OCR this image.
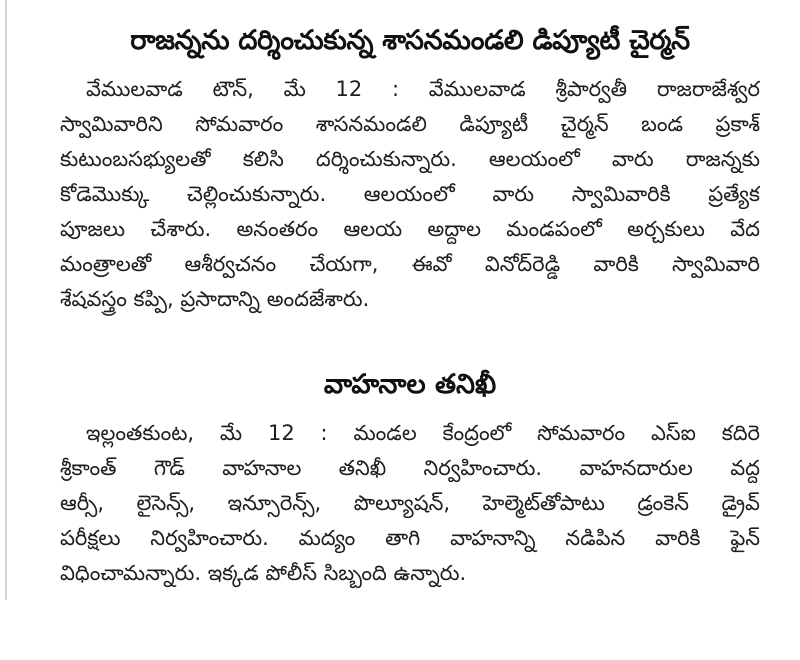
రాజన్నను దర్శించుకున్న శాసనమండలి డిప్యూటీ చైర్మన్
వేములవాడ టౌన్, మే 12 : వేములవాడ శ్రీపార్వతీ రాజరాజేశ్వర
స్వామివారిని సోమవారం శాసనమండలి డిప్యూటీ చైర్మన్ బండ ప్రకాశ్
కుటుంబసభ్యులతో కలిసి దర్శించుకున్నారు. ఆలయంలో వారు రాజన్నకు
కోడెమొక్కు చెల్లించుకున్నారు. ఆలయంలో వారు స్వామివారికి ప్రత్యేక
పూజలు చేశారు. అనంతరం ఆలయ అద్దాల మండపంలో అర్చకులు వేద
మంత్రాలతో ఆశీర్వచనం చేయగా, ఈవో వినోద్‌రెడ్డి వారికి స్వామివారి
శేషవస్త్రం కప్పి, ప్రసాదాన్ని అందజేశారు.
వాహనాల తనిఖీ
ఇల్లంతకుంట, మే 12 : మండల కేంద్రంలో సోమవారం ఎస్ఐ కదిరె
శ్రీకాంత్ గౌడ్ వాహనాల తనిఖీ నిర్వహించారు. వాహనదారుల వద్ద
ఆర్సీ, లైసెన్స్, ఇన్సూరెన్స్, పొల్యూషన్, హెల్మెట్‌తోపాటు డ్రంకెన్ డ్రైవ్
పరీక్షలు నిర్వహించారు. మద్యం తాగి వాహనాన్ని నడిపిన వారికి ఫైన్
విధించామన్నారు. ఇక్కడ పోలీస్ సిబ్బంది ఉన్నారు.
